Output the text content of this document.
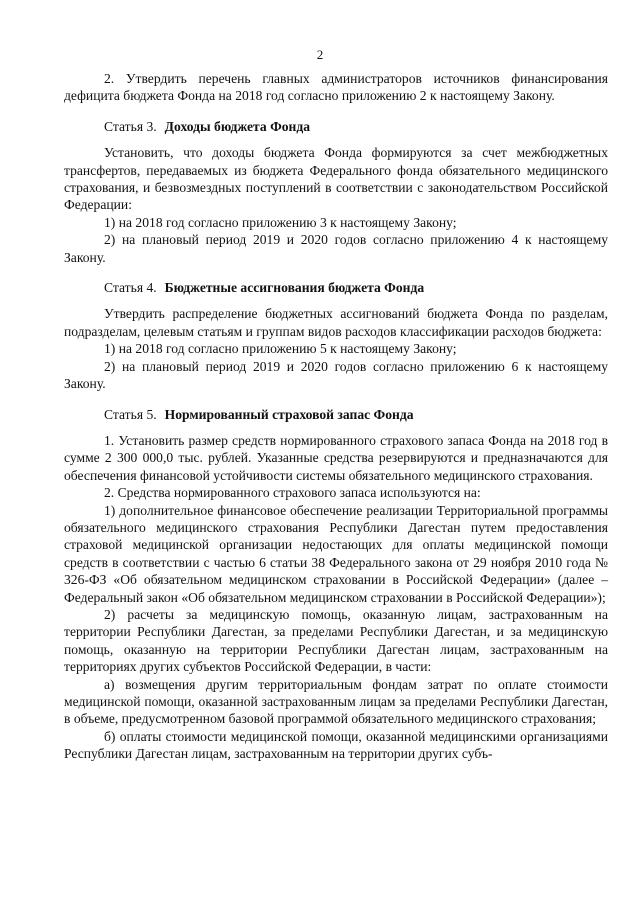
2

2. Утвердить перечень главных администраторов источников финансирования дефицита бюджета Фонда на 2018 год согласно приложению 2 к настоящему Закону.

Статья 3. Доходы бюджета Фонда

Установить, что доходы бюджета Фонда формируются за счет межбюджетных трансфертов, передаваемых из бюджета Федерального фонда обязательного медицинского страхования, и безвозмездных поступлений в соответствии с законодательством Российской Федерации:

1) на 2018 год согласно приложению 3 к настоящему Закону;

2) на плановый период 2019 и 2020 годов согласно приложению 4 к настоящему Закону.

Статья 4. Бюджетные ассигнования бюджета Фонда

Утвердить распределение бюджетных ассигнований бюджета Фонда по разделам, подразделам, целевым статьям и группам видов расходов классификации расходов бюджета:

1) на 2018 год согласно приложению 5 к настоящему Закону;

2) на плановый период 2019 и 2020 годов согласно приложению 6 к настоящему Закону.

Статья 5. Нормированный страховой запас Фонда

1. Установить размер средств нормированного страхового запаса Фонда на 2018 год в сумме 2 300 000,0 тыс. рублей. Указанные средства резервируются и предназначаются для обеспечения финансовой устойчивости системы обязательного медицинского страхования.

2. Средства нормированного страхового запаса используются на:

1) дополнительное финансовое обеспечение реализации Территориальной программы обязательного медицинского страхования Республики Дагестан путем предоставления страховой медицинской организации недостающих для оплаты медицинской помощи средств в соответствии с частью 6 статьи 38 Федерального закона от 29 ноября 2010 года № 326-ФЗ «Об обязательном медицинском страховании в Российской Федерации» (далее – Федеральный закон «Об обязательном медицинском страховании в Российской Федерации»);

2) расчеты за медицинскую помощь, оказанную лицам, застрахованным на территории Республики Дагестан, за пределами Республики Дагестан, и за медицинскую помощь, оказанную на территории Республики Дагестан лицам, застрахованным на территориях других субъектов Российской Федерации, в части:

а) возмещения другим территориальным фондам затрат по оплате стоимости медицинской помощи, оказанной застрахованным лицам за пределами Республики Дагестан, в объеме, предусмотренном базовой программой обязательного медицинского страхования;

б) оплаты стоимости медицинской помощи, оказанной медицинскими организациями Республики Дагестан лицам, застрахованным на территории других субъ-
